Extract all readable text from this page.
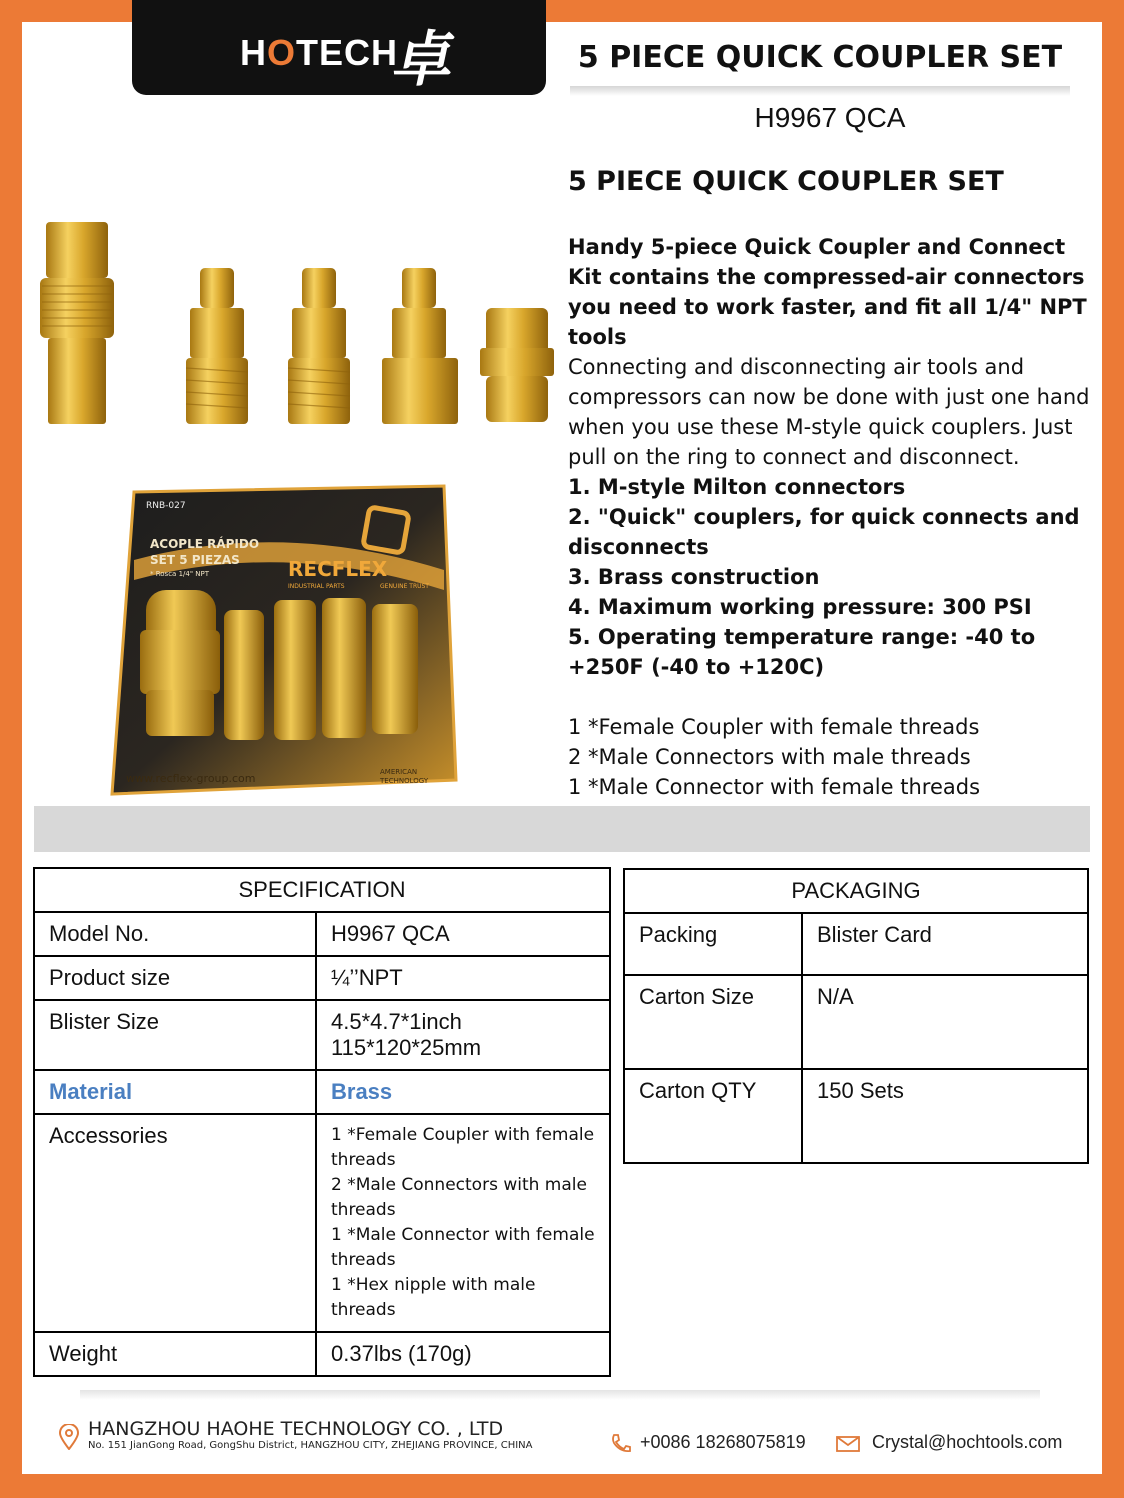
HOTECH
卓	5 PIECE QUICK COUPLER SET
H9967 QCA
RNB-027
ACOPLE RÁPIDO
SET 5 PIEZAS
* Rosca 1/4" NPT	RECFLEX
INDUSTRIAL PARTS	GENUINE TRUST
www.recflex-group.com	AMERICAN
TECHNOLOGY
5 PIECE QUICK COUPLER SET
Handy 5-piece Quick Coupler and Connect Kit contains the compressed-air connectors you need to work faster, and fit all 1/4" NPT tools
Connecting and disconnecting air tools and compressors can now be done with just one hand when you use these M-style quick couplers. Just pull on the ring to connect and disconnect.
1. M-style Milton connectors
2. "Quick" couplers, for quick connects and disconnects
3. Brass construction
4. Maximum working pressure: 300 PSI
5. Operating temperature range: -40 to +250F (-40 to +120C)
1 *Female Coupler with female threads
2 *Male Connectors with male threads
1 *Male Connector with female threads
SPECIFICATION	
Model No.	H9967 QCA
Product size	¼’’NPT
Blister Size	4.5*4.7*1inch
115*120*25mm

Material	Brass
Accessories	1 *Female Coupler with female threads
2 *Male Connectors with male threads
1 *Male Connector with female threads
1 *Hex nipple with male threads

Weight	0.37lbs (170g)
PACKAGING	
Packing	Blister Card
Carton Size	N/A
Carton QTY	150 Sets
HANGZHOU HAOHE TECHNOLOGY CO. , LTD
No. 151 JianGong Road, GongShu District, HANGZHOU CITY, ZHEJIANG PROVINCE, CHINA	+0086 18268075819	Crystal@hochtools.com
